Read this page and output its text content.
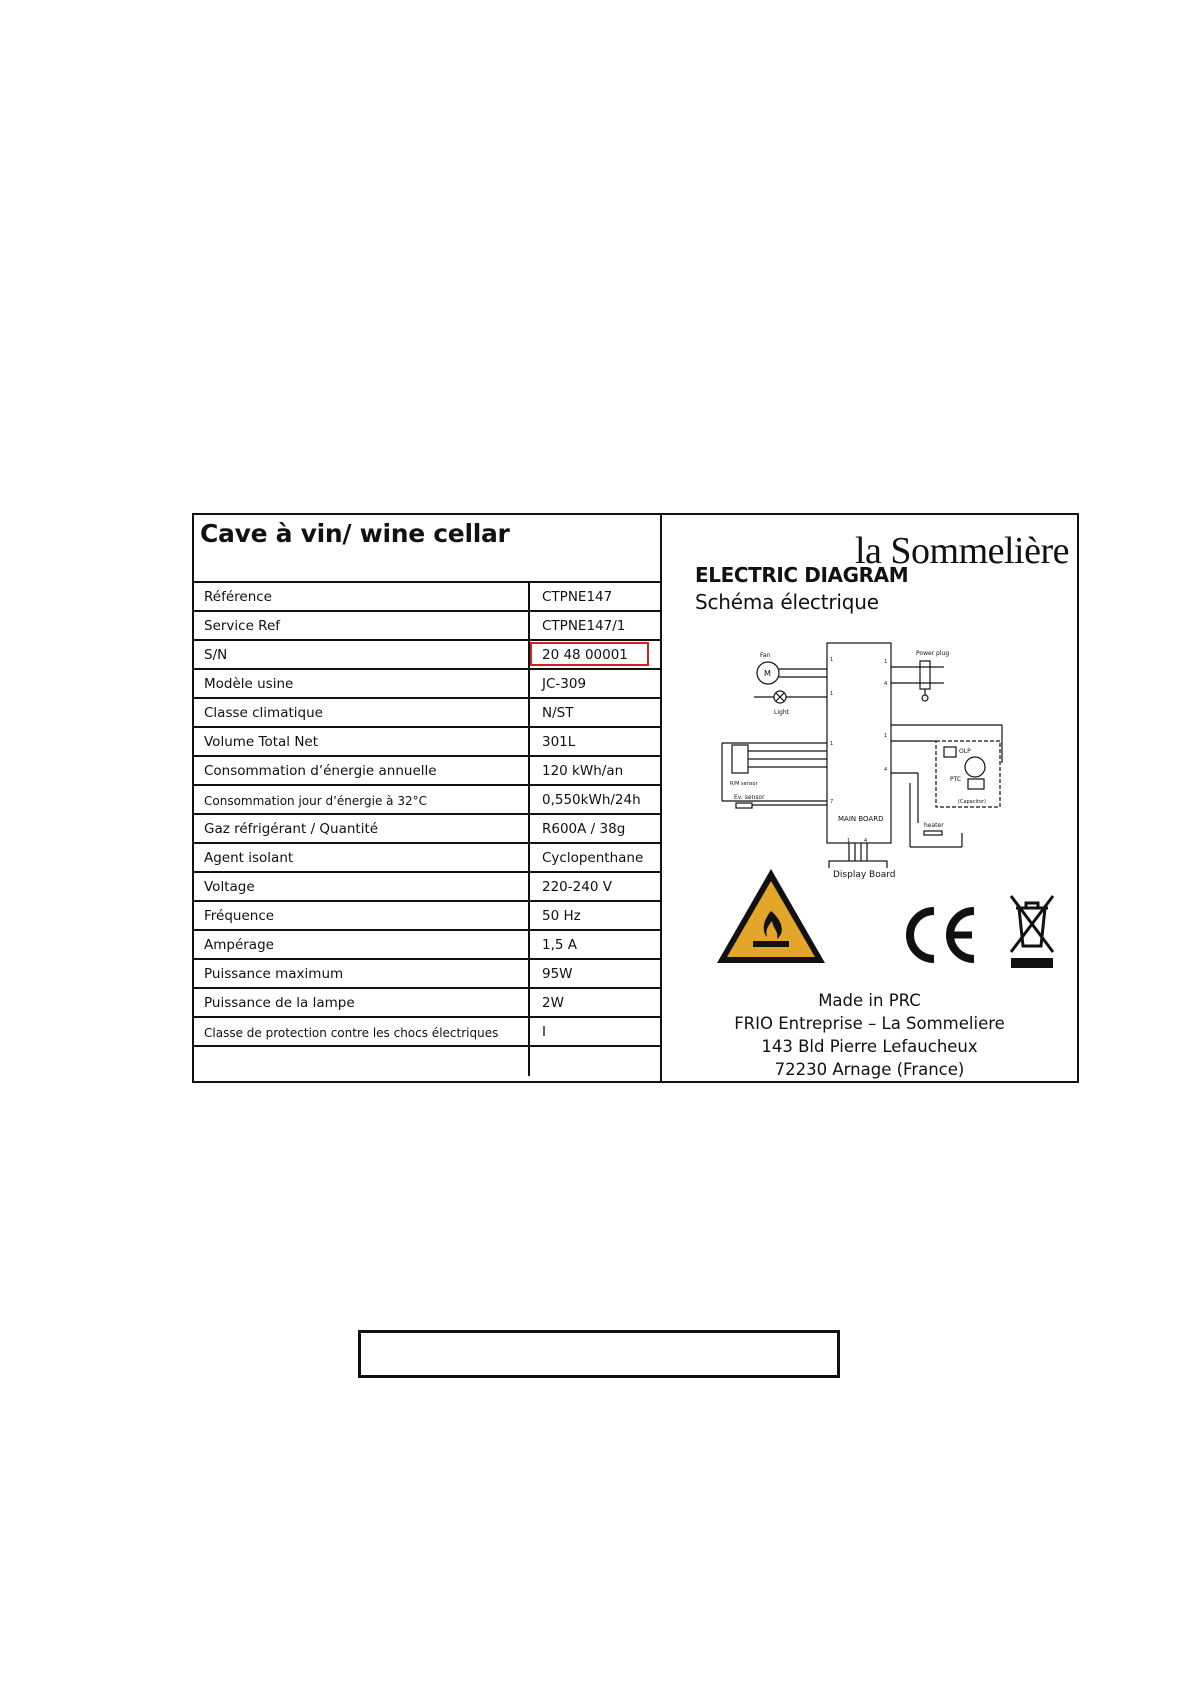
Cave à vin/ wine cellar
Référence	CTPNE147
Service Ref	CTPNE147/1
S/N	20 48 00001
Modèle usine	JC-309
Classe climatique	N/ST
Volume Total Net	301L
Consommation d’énergie annuelle	120 kWh/an
Consommation jour d’énergie à 32°C	0,550kWh/24h
Gaz réfrigérant / Quantité	R600A / 38g
Agent isolant	Cyclopenthane
Voltage	220-240 V
Fréquence	50 Hz
Ampérage	1,5 A
Puissance maximum	95W
Puissance de la lampe	2W
Classe de protection contre les chocs électriques	I
la Sommelière
ELECTRIC DIAGRAM
Schéma électrique
MAIN BOARD
M
Fan
Light
R/M sensor
Ev. sensor
1
1
1
7
1
4
1
4
1	4
Power plug
OLP
PTC
(Capacitor)
heater
Display Board
Made in PRC
FRIO Entreprise – La Sommeliere
143 Bld Pierre Lefaucheux
72230 Arnage (France)
